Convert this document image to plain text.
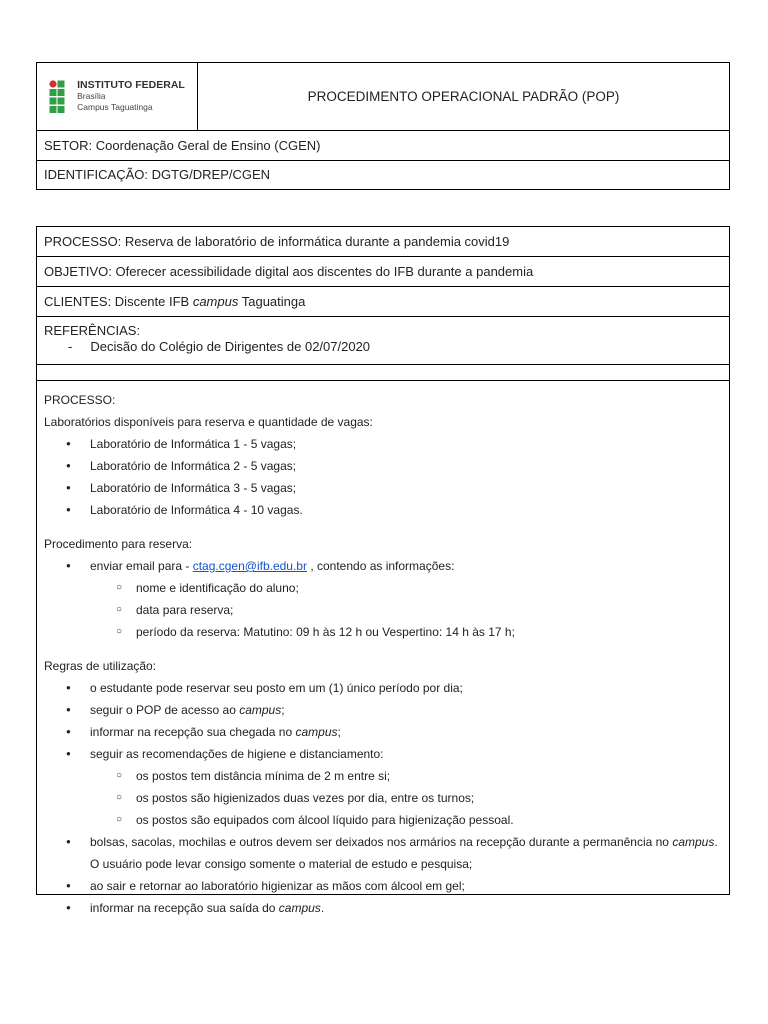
INSTITUTO FEDERAL
Brasília
Campus Taguatinga
PROCEDIMENTO OPERACIONAL PADRÃO (POP)
SETOR: Coordenação Geral de Ensino (CGEN)
IDENTIFICAÇÃO: DGTG/DREP/CGEN
PROCESSO: Reserva de laboratório de informática durante a pandemia covid19
OBJETIVO: Oferecer acessibilidade digital aos discentes do IFB durante a pandemia
CLIENTES: Discente IFB campus Taguatinga
REFERÊNCIAS:
- Decisão do Colégio de Dirigentes de 02/07/2020
PROCESSO:
Laboratórios disponíveis para reserva e quantidade de vagas:
● Laboratório de Informática 1 - 5 vagas;
● Laboratório de Informática 2 - 5 vagas;
● Laboratório de Informática 3 - 5 vagas;
● Laboratório de Informática 4 - 10 vagas.
Procedimento para reserva:
● enviar email para - ctag.cgen@ifb.edu.br , contendo as informações:
○ nome e identificação do aluno;
○ data para reserva;
○ período da reserva: Matutino: 09 h às 12 h ou Vespertino: 14 h às 17 h;
Regras de utilização:
● o estudante pode reservar seu posto em um (1) único período por dia;
● seguir o POP de acesso ao campus;
● informar na recepção sua chegada no campus;
● seguir as recomendações de higiene e distanciamento:
○ os postos tem distância mínima de 2 m entre si;
○ os postos são higienizados duas vezes por dia, entre os turnos;
○ os postos são equipados com álcool líquido para higienização pessoal.
● bolsas, sacolas, mochilas e outros devem ser deixados nos armários na recepção durante a permanência no campus. O usuário pode levar consigo somente o material de estudo e pesquisa;
● ao sair e retornar ao laboratório higienizar as mãos com álcool em gel;
● informar na recepção sua saída do campus.
